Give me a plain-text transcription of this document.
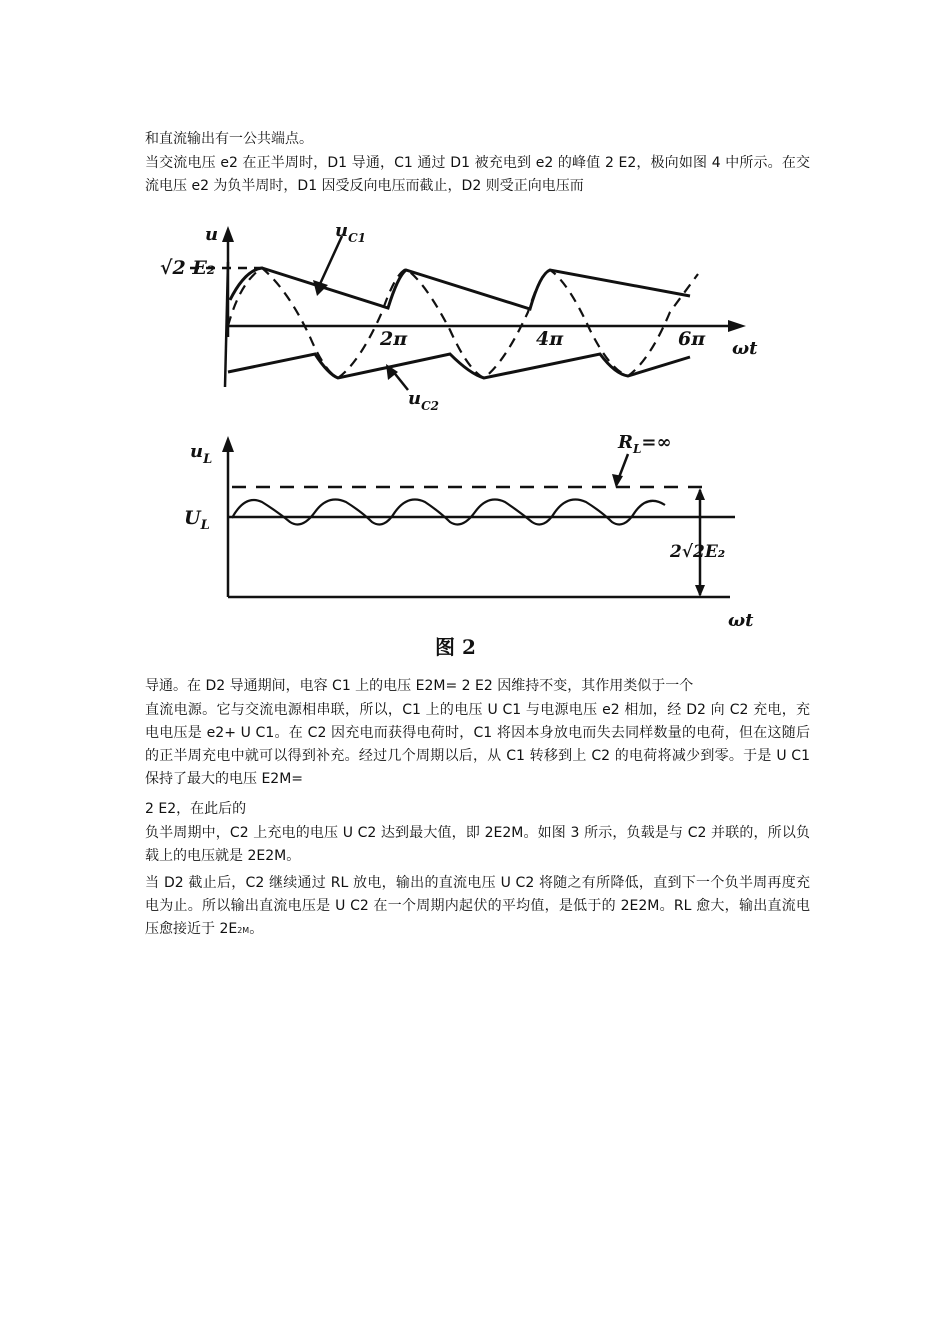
和直流输出有一公共端点。

当交流电压 e2 在正半周时，D1 导通，C1 通过 D1 被充电到 e2 的峰值 2 E2，极向如图 4 中所示。在交流电压 e2 为负半周时，D1 因受反向电压而截止，D2 则受正向电压而

u
√2 E₂
$u_{C1}$
$u_{C2}$
2π	4π	6π ωt
$u_L$
$U_L$
$R_L=\infty$
2√2E₂
ωt
图 2

导通。在 D2 导通期间，电容 C1 上的电压 E2M= 2 E2 因维持不变，其作用类似于一个

直流电源。它与交流电源相串联，所以，C1 上的电压 U C1 与电源电压 e2 相加，经 D2 向 C2 充电，充电电压是 e2+ U C1。在 C2 因充电而获得电荷时，C1 将因本身放电而失去同样数量的电荷，但在这随后的正半周充电中就可以得到补充。经过几个周期以后，从 C1 转移到上 C2 的电荷将减少到零。于是 U C1 保持了最大的电压 E2M=

2 E2，在此后的

负半周期中，C2 上充电的电压 U C2 达到最大值，即 2E2M。如图 3 所示，负载是与 C2 并联的，所以负载上的电压就是 2E2M。

当 D2 截止后，C2 继续通过 RL 放电，输出的直流电压 U C2 将随之有所降低，直到下一个负半周再度充电为止。所以输出直流电压是 U C2 在一个周期内起伏的平均值，是低于的 2E2M。RL 愈大，输出直流电压愈接近于 2E2M。
